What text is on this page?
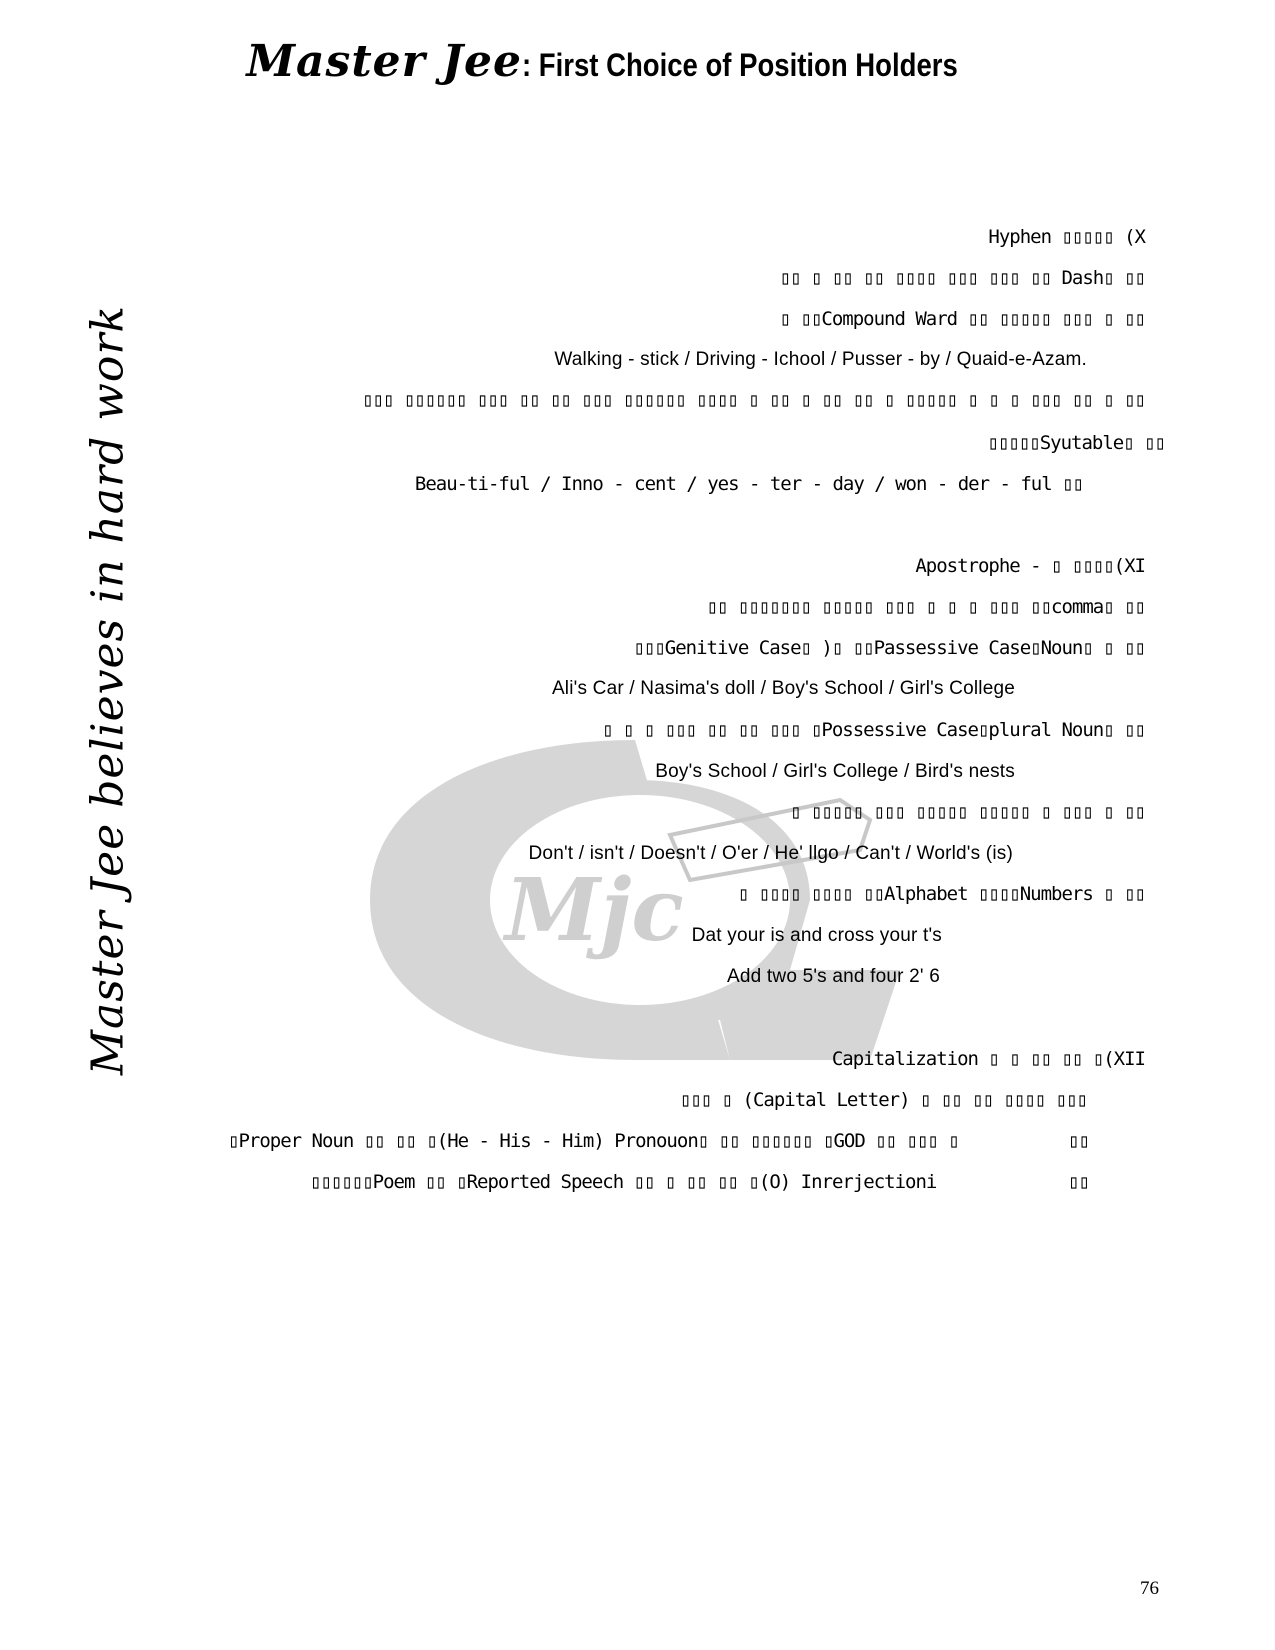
Master Jee: First Choice of Position Holders
Master Jee believes in hard work	Mjc
Hyphen ▯▯▯▯▯ (X
▯▯ ▯ ▯▯ ▯▯ ▯▯▯▯ ▯▯▯ ▯▯▯ ▯▯ Dash▯ ▯▯
▯ ▯▯Compound Ward ▯▯ ▯▯▯▯▯ ▯▯▯ ▯ ▯▯
Walking - stick / Driving - Ichool / Pusser - by / Quaid-e-Azam.
▯▯▯ ▯▯▯▯▯▯ ▯▯▯ ▯▯ ▯▯ ▯▯▯ ▯▯▯▯▯▯ ▯▯▯▯ ▯ ▯▯ ▯ ▯▯ ▯▯ ▯ ▯▯▯▯▯ ▯ ▯ ▯ ▯▯▯ ▯▯ ▯ ▯▯
▯▯▯▯▯Syutable▯ ▯▯
Beau-ti-ful / Inno - cent / yes - ter - day / won - der - ful ▯▯
Apostrophe - ▯ ▯▯▯▯(XI
▯▯ ▯▯▯▯▯▯▯ ▯▯▯▯▯ ▯▯▯ ▯ ▯ ▯ ▯▯▯ ▯▯comma▯ ▯▯
▯▯▯Genitive Case▯ )▯ ▯▯Passessive Case▯Noun▯ ▯ ▯▯
Ali's Car / Nasima's doll / Boy's School / Girl's College
▯ ▯ ▯ ▯▯▯ ▯▯ ▯▯ ▯▯▯ ▯Possessive Case▯plural Noun▯ ▯▯
Boy's School / Girl's College / Bird's nests
▯ ▯▯▯▯▯ ▯▯▯ ▯▯▯▯▯ ▯▯▯▯▯ ▯ ▯▯▯ ▯ ▯▯
Don't / isn't / Doesn't / O'er / He' llgo / Can't / World's (is)
▯ ▯▯▯▯ ▯▯▯▯ ▯▯Alphabet ▯▯▯▯Numbers ▯ ▯▯
Dat your is and cross your t's
Add two 5's and four 2' 6
Capitalization ▯ ▯ ▯▯ ▯▯ ▯(XII
▯▯▯ ▯ (Capital Letter) ▯ ▯▯ ▯▯ ▯▯▯▯ ▯▯▯
▯Proper Noun ▯▯ ▯▯ ▯(He - His - Him) Pronouon▯ ▯▯ ▯▯▯▯▯▯ ▯GOD ▯▯ ▯▯▯ ▯	▯▯
▯▯▯▯▯▯Poem ▯▯ ▯Reported Speech ▯▯ ▯ ▯▯ ▯▯ ▯(O) Inrerjectioni	▯▯
76
